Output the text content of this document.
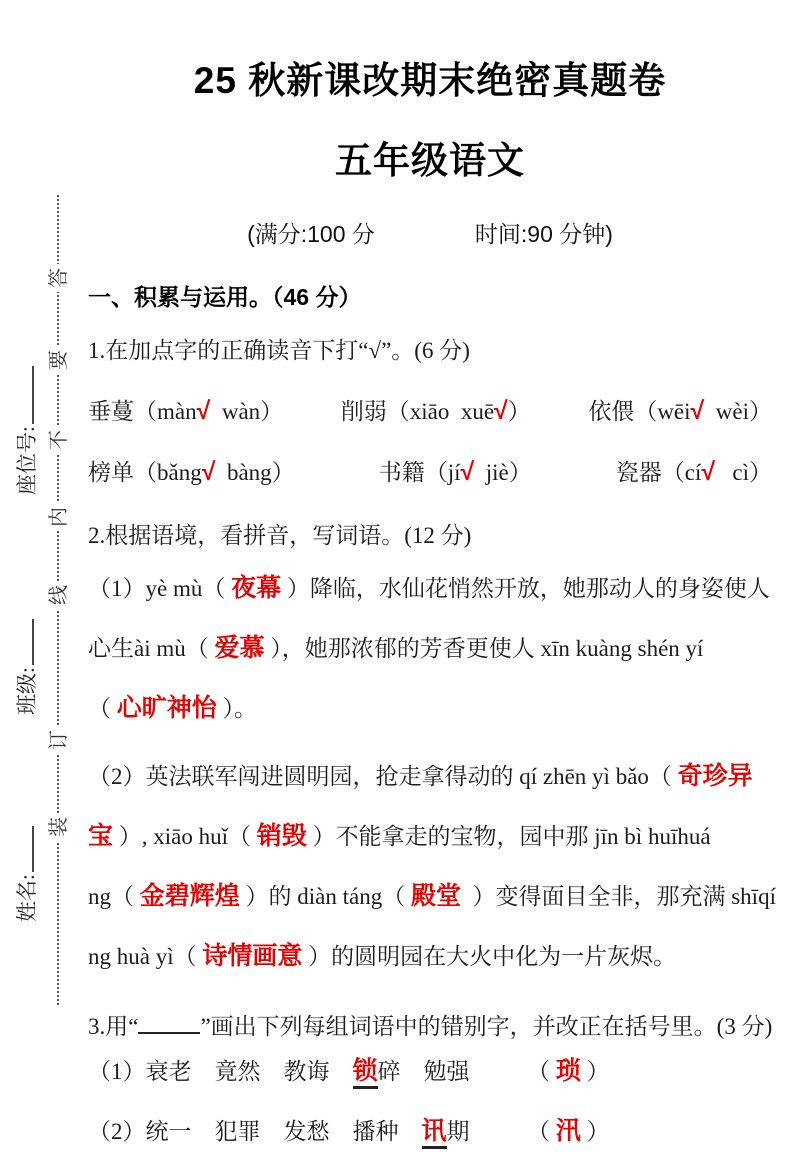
座位号:
班级:
姓名:
答
要
不
内
线
订
装
25 秋新课改期末绝密真题卷
五年级语文
(满分:100 分	时间:90 分钟)
一、积累与运用。（46 分）

1.在加点字的正确读音下打“√”。(6 分)

垂蔓（màn√  wàn）	削弱（xiāo  xuē√）	依偎（wēi√  wèi）
榜单（bǎng√  bàng）	书籍（jí√  jiè）	瓷器（cí√   cì）

2.根据语境，看拼音，写词语。(12 分)

（1）yè mù（ 夜幕 ）降临，水仙花悄然开放，她那动人的身姿使人
心生ài mù（ 爱慕 ），她那浓郁的芳香更使人 xīn kuàng shén yí
（ 心旷神怡 ）。
（2）英法联军闯进圆明园，抢走拿得动的 qí zhēn yì bǎo（ 奇珍异
宝 ）, xiāo huǐ（ 销毁 ）不能拿走的宝物，园中那 jīn bì huīhuá
ng（ 金碧辉煌 ）的 diàn táng（ 殿堂  ）变得面目全非，那充满 shīqí
ng huà yì（ 诗情画意 ）的圆明园在大火中化为一片灰烬。

3.用“	”画出下列每组词语中的错别字，并改正在括号里。(3 分)

（1）衰老　竟然　教诲　锁碎　勉强　　　（ 琐 ）
（2）统一　犯罪　发愁　播种　讯期　　　（ 汛 ）
